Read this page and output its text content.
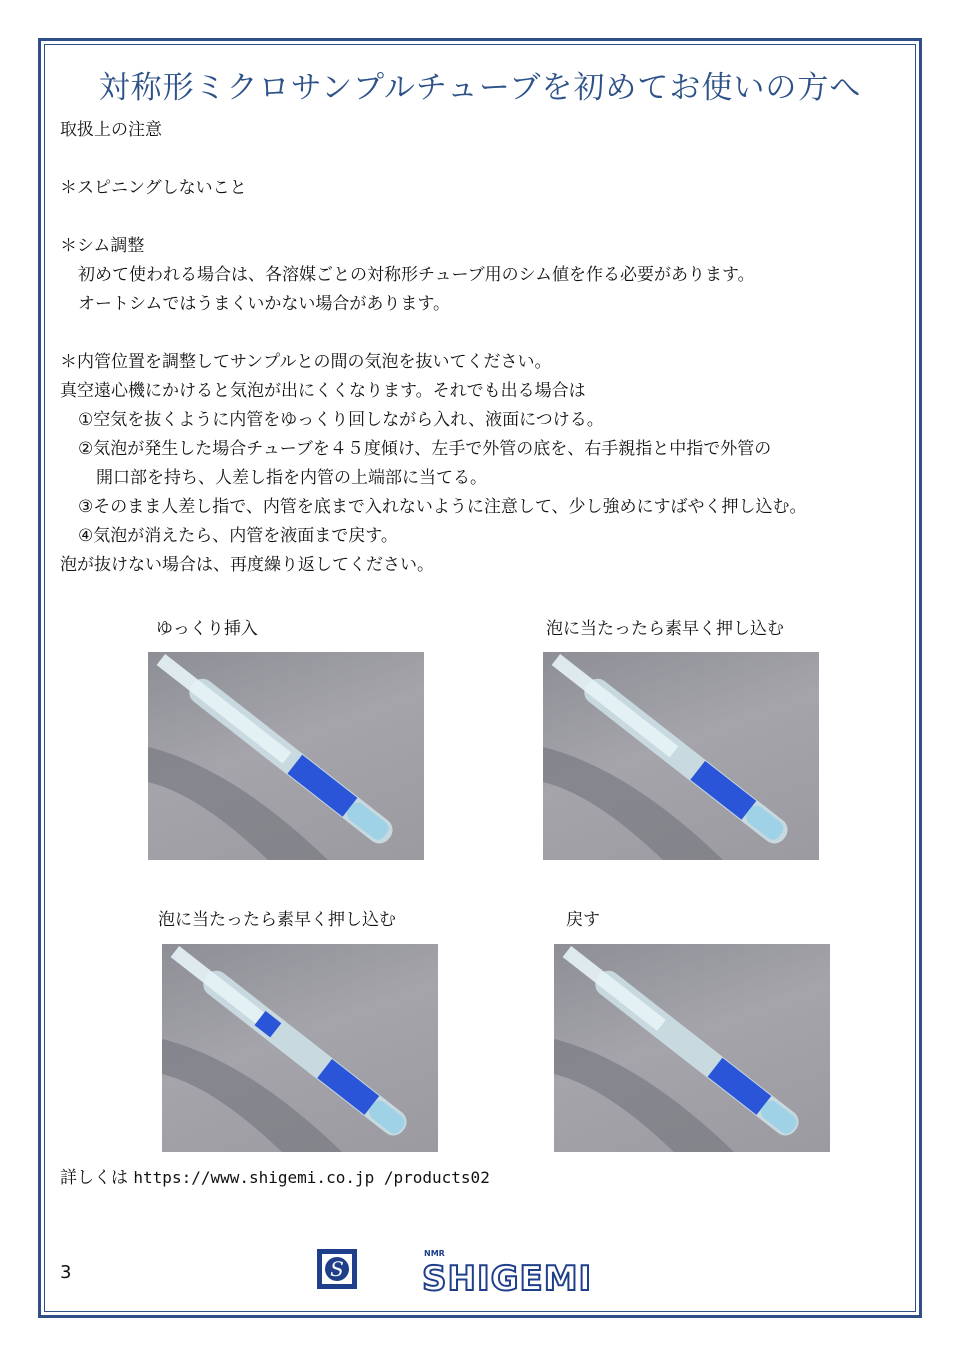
対称形ミクロサンプルチューブを初めてお使いの方へ
取扱上の注意
＊スピニングしないこと
＊シム調整
初めて使われる場合は、各溶媒ごとの対称形チューブ用のシム値を作る必要があります。
オートシムではうまくいかない場合があります。
＊内管位置を調整してサンプルとの間の気泡を抜いてください。
真空遠心機にかけると気泡が出にくくなります。それでも出る場合は
①空気を抜くように内管をゆっくり回しながら入れ、液面につける。
②気泡が発生した場合チューブを４５度傾け、左手で外管の底を、右手親指と中指で外管の
開口部を持ち、人差し指を内管の上端部に当てる。
③そのまま人差し指で、内管を底まで入れないように注意して、少し強めにすばやく押し込む。
④気泡が消えたら、内管を液面まで戻す。
泡が抜けない場合は、再度繰り返してください。
ゆっくり挿入	泡に当たったら素早く押し込む
泡に当たったら素早く押し込む	戻す
詳しくは https://www.shigemi.co.jp /products02
3	S
NMR
SHIGEMI
